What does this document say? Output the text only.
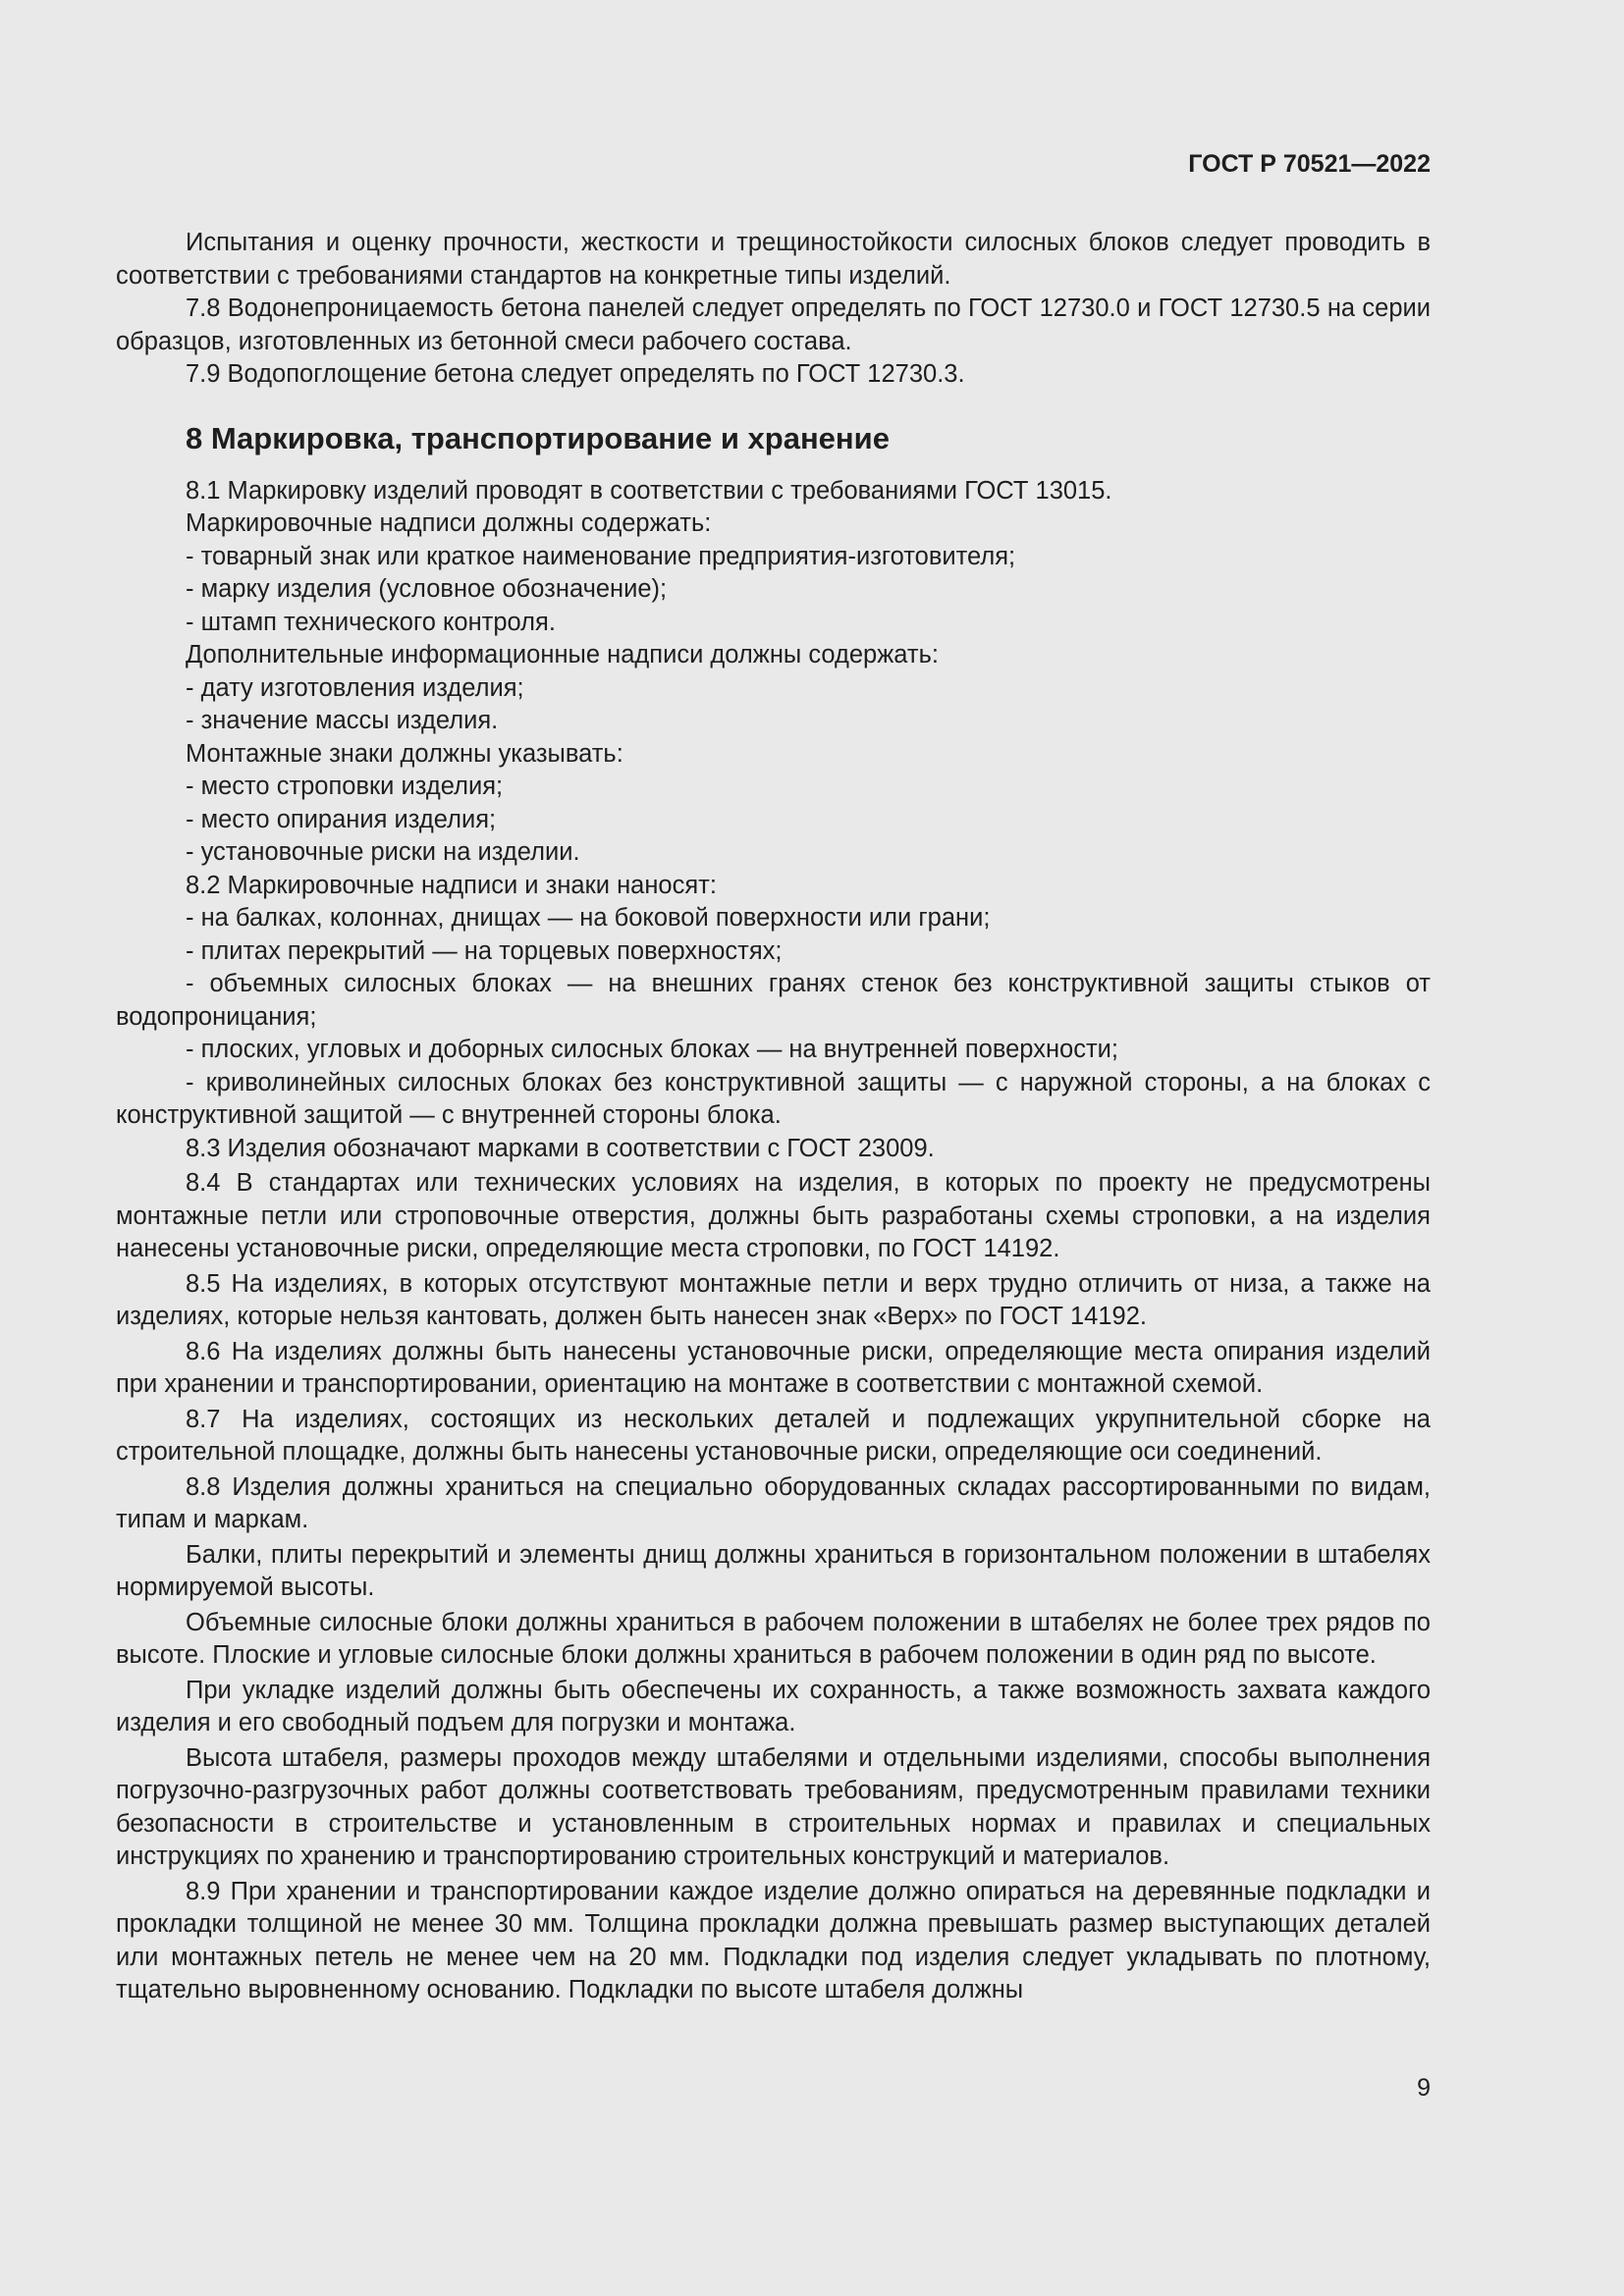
ГОСТ Р 70521—2022

Испытания и оценку прочности, жесткости и трещиностойкости силосных блоков следует проводить в соответствии с требованиями стандартов на конкретные типы изделий.

7.8 Водонепроницаемость бетона панелей следует определять по ГОСТ 12730.0 и ГОСТ 12730.5 на серии образцов, изготовленных из бетонной смеси рабочего состава.

7.9 Водопоглощение бетона следует определять по ГОСТ 12730.3.

8 Маркировка, транспортирование и хранение

8.1 Маркировку изделий проводят в соответствии с требованиями ГОСТ 13015.

Маркировочные надписи должны содержать:

- товарный знак или краткое наименование предприятия-изготовителя;

- марку изделия (условное обозначение);

- штамп технического контроля.

Дополнительные информационные надписи должны содержать:

- дату изготовления изделия;

- значение массы изделия.

Монтажные знаки должны указывать:

- место строповки изделия;

- место опирания изделия;

- установочные риски на изделии.

8.2 Маркировочные надписи и знаки наносят:

- на балках, колоннах, днищах — на боковой поверхности или грани;

- плитах перекрытий — на торцевых поверхностях;

- объемных силосных блоках — на внешних гранях стенок без конструктивной защиты стыков от водопроницания;

- плоских, угловых и доборных силосных блоках — на внутренней поверхности;

- криволинейных силосных блоках без конструктивной защиты — с наружной стороны, а на блоках с конструктивной защитой — с внутренней стороны блока.

8.3 Изделия обозначают марками в соответствии с ГОСТ 23009.

8.4 В стандартах или технических условиях на изделия, в которых по проекту не предусмотрены монтажные петли или строповочные отверстия, должны быть разработаны схемы строповки, а на изделия нанесены установочные риски, определяющие места строповки, по ГОСТ 14192.

8.5 На изделиях, в которых отсутствуют монтажные петли и верх трудно отличить от низа, а также на изделиях, которые нельзя кантовать, должен быть нанесен знак «Верх» по ГОСТ 14192.

8.6 На изделиях должны быть нанесены установочные риски, определяющие места опирания изделий при хранении и транспортировании, ориентацию на монтаже в соответствии с монтажной схемой.

8.7 На изделиях, состоящих из нескольких деталей и подлежащих укрупнительной сборке на строительной площадке, должны быть нанесены установочные риски, определяющие оси соединений.

8.8 Изделия должны храниться на специально оборудованных складах рассортированными по видам, типам и маркам.

Балки, плиты перекрытий и элементы днищ должны храниться в горизонтальном положении в штабелях нормируемой высоты.

Объемные силосные блоки должны храниться в рабочем положении в штабелях не более трех рядов по высоте. Плоские и угловые силосные блоки должны храниться в рабочем положении в один ряд по высоте.

При укладке изделий должны быть обеспечены их сохранность, а также возможность захвата каждого изделия и его свободный подъем для погрузки и монтажа.

Высота штабеля, размеры проходов между штабелями и отдельными изделиями, способы выполнения погрузочно-разгрузочных работ должны соответствовать требованиям, предусмотренным правилами техники безопасности в строительстве и установленным в строительных нормах и правилах и специальных инструкциях по хранению и транспортированию строительных конструкций и материалов.

8.9 При хранении и транспортировании каждое изделие должно опираться на деревянные подкладки и прокладки толщиной не менее 30 мм. Толщина прокладки должна превышать размер выступающих деталей или монтажных петель не менее чем на 20 мм. Подкладки под изделия следует укладывать по плотному, тщательно выровненному основанию. Подкладки по высоте штабеля должны

9
